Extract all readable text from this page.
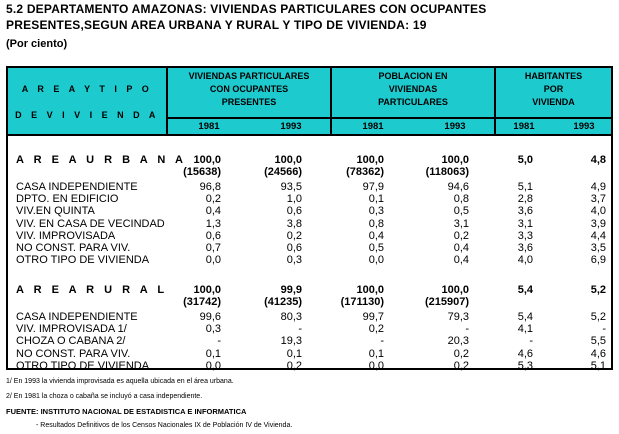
5.2 DEPARTAMENTO AMAZONAS: VIVIENDAS PARTICULARES CON OCUPANTES
PRESENTES,SEGUN AREA URBANA Y RURAL Y TIPO DE VIVIENDA: 19
(Por ciento)
A R E A Y T I P O
D E V I V I E N D A
VIVIENDAS PARTICULARES
CON OCUPANTES
PRESENTES
POBLACION EN
VIVIENDAS
PARTICULARES
HABITANTES
POR
VIVIENDA
1981	1993	1981	1993	1981	1993
A R E A U R B A N A 100,0	100,0	100,0	100,0	5,0	4,8
(15638)	(24566)	(78362)	(118063)
CASA INDEPENDIENTE	96,8	93,5	97,9	94,6	5,1	4,9
DPTO. EN EDIFICIO	0,2	1,0	0,1	0,8	2,8	3,7
VIV.EN QUINTA	0,4	0,6	0,3	0,5	3,6	4,0
VIV. EN CASA DE VECINDAD	1,3	3,8	0,8	3,1	3,1	3,9
VIV. IMPROVISADA	0,6	0,2	0,4	0,2	3,3	4,4
NO CONST. PARA VIV.	0,7	0,6	0,5	0,4	3,6	3,5
OTRO TIPO DE VIVIENDA	0,0	0,3	0,0	0,4	4,0	6,9
A R E A R U R A L 100,0	99,9	100,0	100,0	5,4	5,2
(31742)	(41235)	(171130)	(215907)
CASA INDEPENDIENTE	99,6	80,3	99,7	79,3	5,4	5,2
VIV. IMPROVISADA 1/	0,3	-	0,2	-	4,1	-
CHOZA O CABANA 2/	-	19,3	-	20,3	-	5,5
NO CONST. PARA VIV.	0,1	0,1	0,1	0,2	4,6	4,6
OTRO TIPO DE VIVIENDA	0,0	0,2	0,0	0,2	5,3	5,1
1/ En 1993 la vivienda improvisada es aquella ubicada en el área urbana.
2/ En 1981 la choza o cabaña se incluyó a casa independiente.
FUENTE: INSTITUTO NACIONAL DE ESTADISTICA E INFORMATICA
- Resultados Definitivos de los Censos Nacionales IX de Población IV de Vivienda.
